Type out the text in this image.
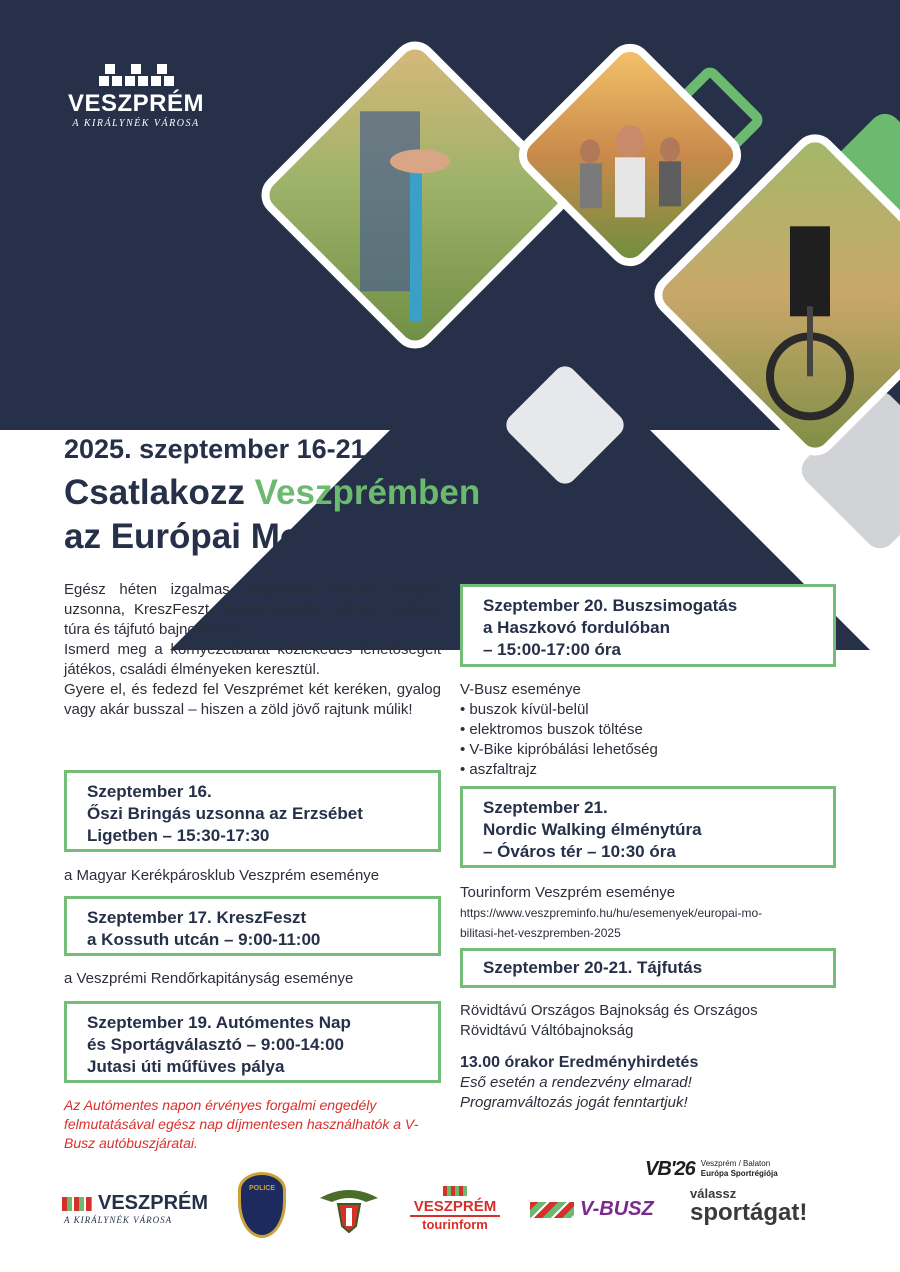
VESZPRÉM
A KIRÁLYNÉK VÁROSA
2025. szeptember 16-21.
Csatlakozz Veszprémben
az Európai Mobilitási Héthez!

Egész héten izgalmas programok várnak: bringás uzsonna, KreszFeszt, buszsimogatás, Nordic Walking túra és tájfutó bajnokságok.

Ismerd meg a környezetbarát közlekedés lehetőségeit játékos, családi élményeken keresztül.

Gyere el, és fedezd fel Veszprémet két keréken, gyalog vagy akár busszal – hiszen a zöld jövő rajtunk múlik!

Szeptember 16.
Őszi Bringás uzsonna az Erzsébet
Ligetben – 15:30-17:30
a Magyar Kerékpárosklub Veszprém eseménye
Szeptember 17. KreszFeszt
a Kossuth utcán – 9:00-11:00
a Veszprémi Rendőrkapitányság eseménye
Szeptember 19. Autómentes Nap
és Sportágválasztó – 9:00-14:00
Jutasi úti műfüves pálya
Az Autómentes napon érvényes forgalmi engedély felmutatásával egész nap díjmentesen használhatók a V-Busz autóbuszjáratai.
Szeptember 20. Buszsimogatás
a Haszkovó fordulóban
– 15:00-17:00 óra
V-Busz eseménye
• buszok kívül-belül
• elektromos buszok töltése
• V-Bike kipróbálási lehetőség
• aszfaltrajz
Szeptember 21.
Nordic Walking élménytúra
– Óváros tér – 10:30 óra
Tourinform Veszprém eseménye
https://www.veszpreminfo.hu/hu/esemenyek/europai-mo-
bilitasi-het-veszpremben-2025
Szeptember 20-21. Tájfutás
Rövidtávú Országos Bajnokság és Országos
Rövidtávú Váltóbajnokság
13.00 órakor Eredményhirdetés
Eső esetén a rendezvény elmarad!
Programváltozás jogát fenntartjuk!
VB'26 Veszprém / Balaton
Európa Sportrégiója
VESZPRÉM
A KIRÁLYNÉK VÁROSA
POLICE
VESZPRÉM
tourinform
V-BUSZ
válassz
sportágat!
